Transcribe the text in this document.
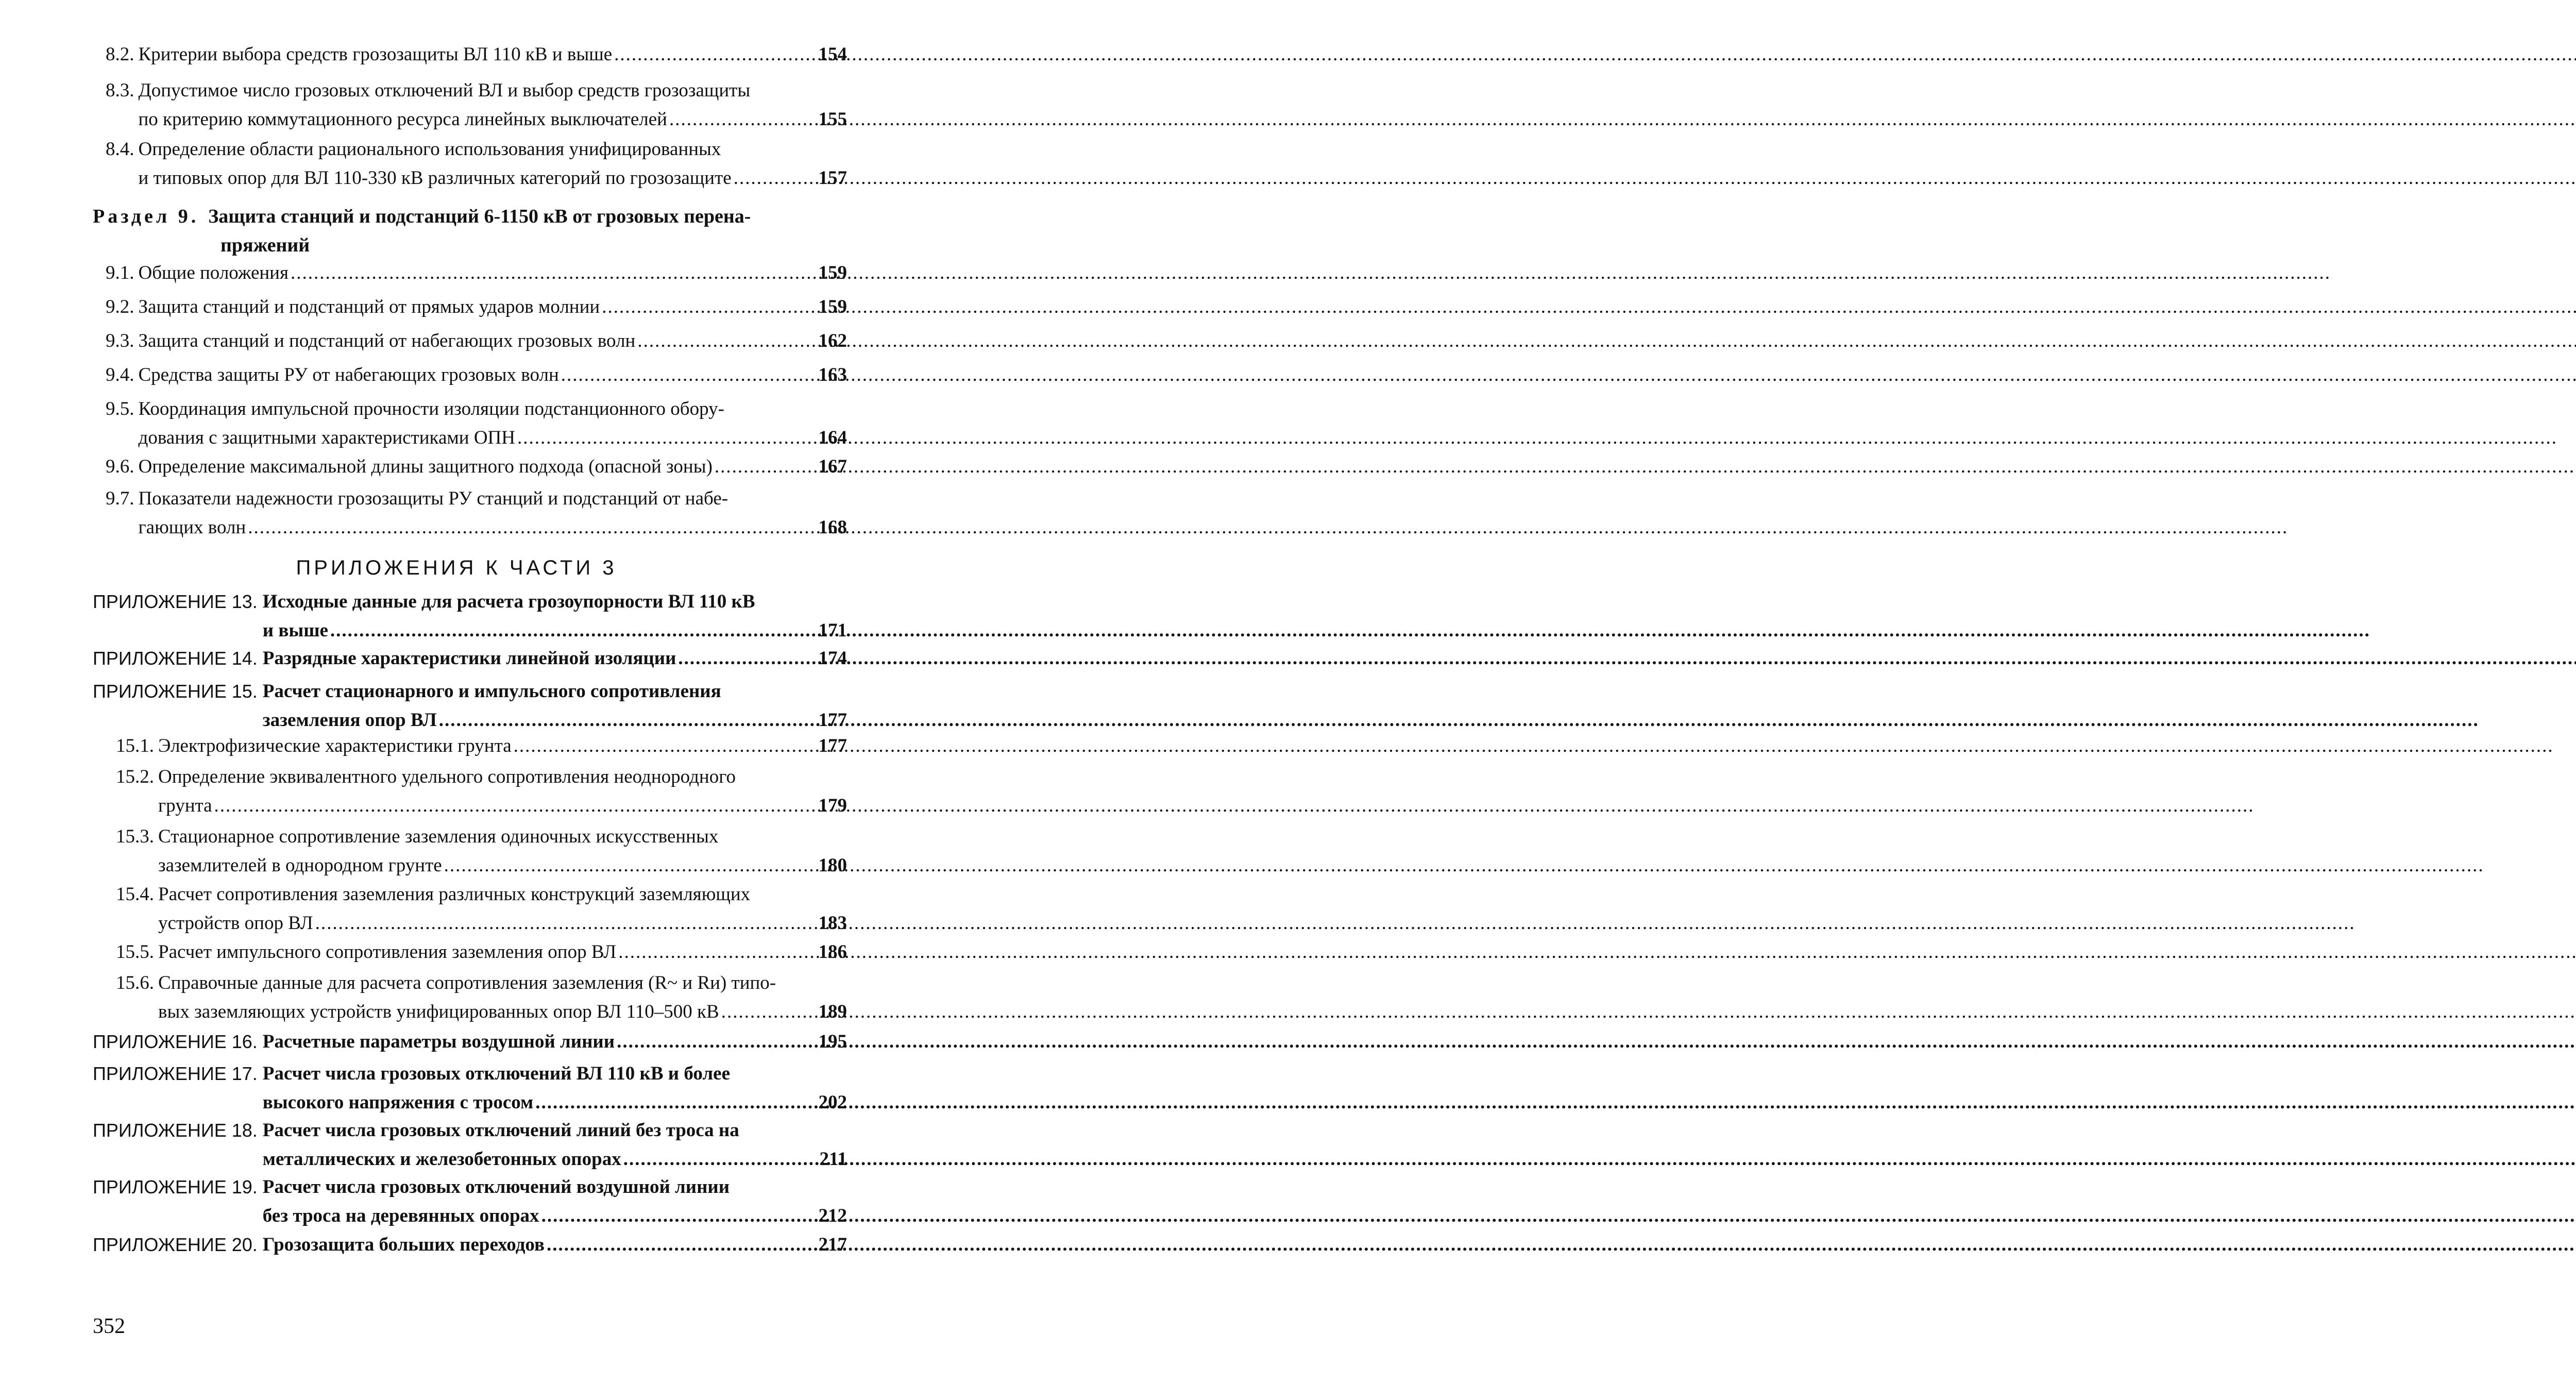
8.2. Критерии выбора средств грозозащиты ВЛ 110 кВ и выше .....	154
8.3. Допустимое число грозовых отключений ВЛ и выбор средств грозозащиты
по критерию коммутационного ресурса линейных выключателей .....	155
8.4. Определение области рационального использования унифицированных
и типовых опор для ВЛ 110-330 кВ различных категорий по грозозащите .....	157
Раздел 9. Защита станций и подстанций 6-1150 кВ от грозовых перена-
пряжений
9.1. Общие положения .....	159
9.2. Защита станций и подстанций от прямых ударов молнии .....	159
9.3. Защита станций и подстанций от набегающих грозовых волн .....	162
9.4. Средства защиты РУ от набегающих грозовых волн .....	163
9.5. Координация импульсной прочности изоляции подстанционного обору-
дования с защитными характеристиками ОПН .....	164
9.6. Определение максимальной длины защитного подхода (опасной зоны) .....	167
9.7. Показатели надежности грозозащиты РУ станций и подстанций от набе-
гающих волн .....	168
ПРИЛОЖЕНИЯ К ЧАСТИ 3
ПРИЛОЖЕНИЕ 13. Исходные данные для расчета грозоупорности ВЛ 110 кВ
и выше .....	171
ПРИЛОЖЕНИЕ 14. Разрядные характеристики линейной изоляции .....	174
ПРИЛОЖЕНИЕ 15. Расчет стационарного и импульсного сопротивления
заземления опор ВЛ .....	177
15.1. Электрофизические характеристики грунта .....	177
15.2. Определение эквивалентного удельного сопротивления неоднородного
грунта .....	179
15.3. Стационарное сопротивление заземления одиночных искусственных
заземлителей в однородном грунте .....	180
15.4. Расчет сопротивления заземления различных конструкций заземляющих
устройств опор ВЛ .....	183
15.5. Расчет импульсного сопротивления заземления опор ВЛ .....	186
15.6. Справочные данные для расчета сопротивления заземления (R~ и Rи) типо-
вых заземляющих устройств унифицированных опор ВЛ 110–500 кВ .....	189
ПРИЛОЖЕНИЕ 16. Расчетные параметры воздушной линии .....	195
ПРИЛОЖЕНИЕ 17. Расчет числа грозовых отключений ВЛ 110 кВ и более
высокого напряжения с тросом .....	202
ПРИЛОЖЕНИЕ 18. Расчет числа грозовых отключений линий без троса на
металлических и железобетонных опорах .....	211
ПРИЛОЖЕНИЕ 19. Расчет числа грозовых отключений воздушной линии
без троса на деревянных опорах .....	212
ПРИЛОЖЕНИЕ 20. Грозозащита больших переходов .....	217
352
